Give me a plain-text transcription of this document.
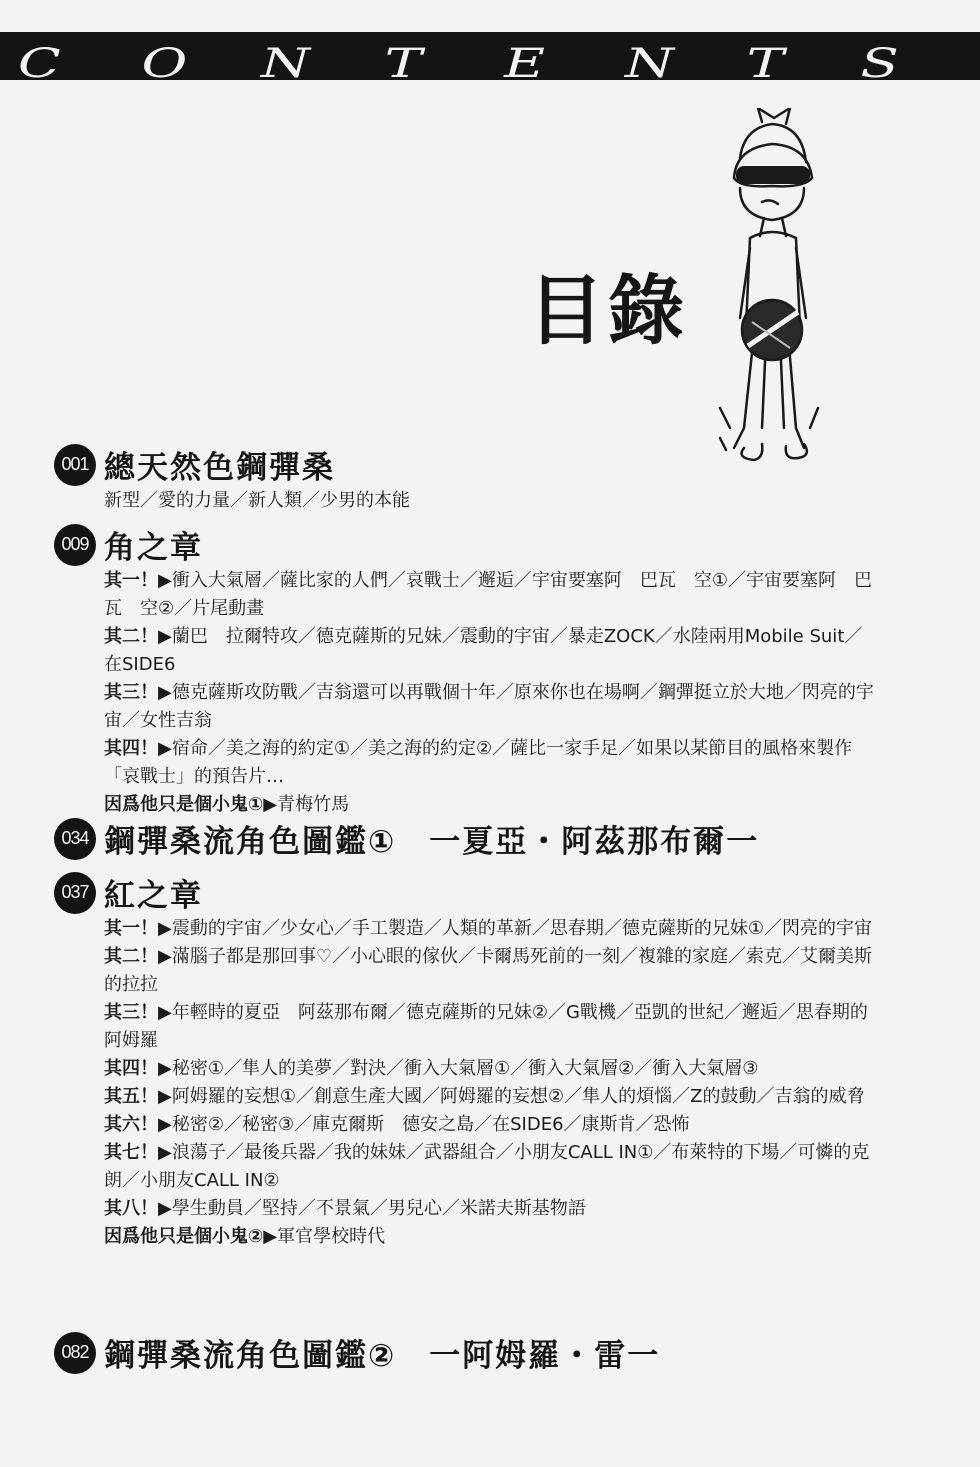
C O N T E N T S
目錄
001 總天然色鋼彈桑
新型／愛的力量／新人類／少男的本能
009 角之章
其一！▶衝入大氣層／薩比家的人們／哀戰士／邂逅／宇宙要塞阿　巴瓦　空①／宇宙要塞阿　巴瓦　空②／片尾動畫
其二！▶蘭巴　拉爾特攻／德克薩斯的兄妹／震動的宇宙／暴走ZOCK／水陸兩用Mobile Suit／在SIDE6
其三！▶德克薩斯攻防戰／吉翁還可以再戰個十年／原來你也在場啊／鋼彈挺立於大地／閃亮的宇宙／女性吉翁
其四！▶宿命／美之海的約定①／美之海的約定②／薩比一家手足／如果以某節目的風格來製作「哀戰士」的預告片…
因爲他只是個小鬼①▶青梅竹馬
034 鋼彈桑流角色圖鑑①　一夏亞・阿茲那布爾一
037 紅之章
其一！▶震動的宇宙／少女心／手工製造／人類的革新／思春期／德克薩斯的兄妹①／閃亮的宇宙
其二！▶滿腦子都是那回事♡／小心眼的傢伙／卡爾馬死前的一刻／複雜的家庭／索克／艾爾美斯的拉拉
其三！▶年輕時的夏亞　阿茲那布爾／德克薩斯的兄妹②／G戰機／亞凱的世紀／邂逅／思春期的阿姆羅
其四！▶秘密①／隼人的美夢／對決／衝入大氣層①／衝入大氣層②／衝入大氣層③
其五！▶阿姆羅的妄想①／創意生產大國／阿姆羅的妄想②／隼人的煩惱／Z的鼓動／吉翁的威脅
其六！▶秘密②／秘密③／庫克爾斯　德安之島／在SIDE6／康斯肯／恐怖
其七！▶浪蕩子／最後兵器／我的妹妹／武器組合／小朋友CALL IN①／布萊特的下場／可憐的克朗／小朋友CALL IN②
其八！▶學生動員／堅持／不景氣／男兒心／米諾夫斯基物語
因爲他只是個小鬼②▶軍官學校時代
082 鋼彈桑流角色圖鑑②　一阿姆羅・雷一
